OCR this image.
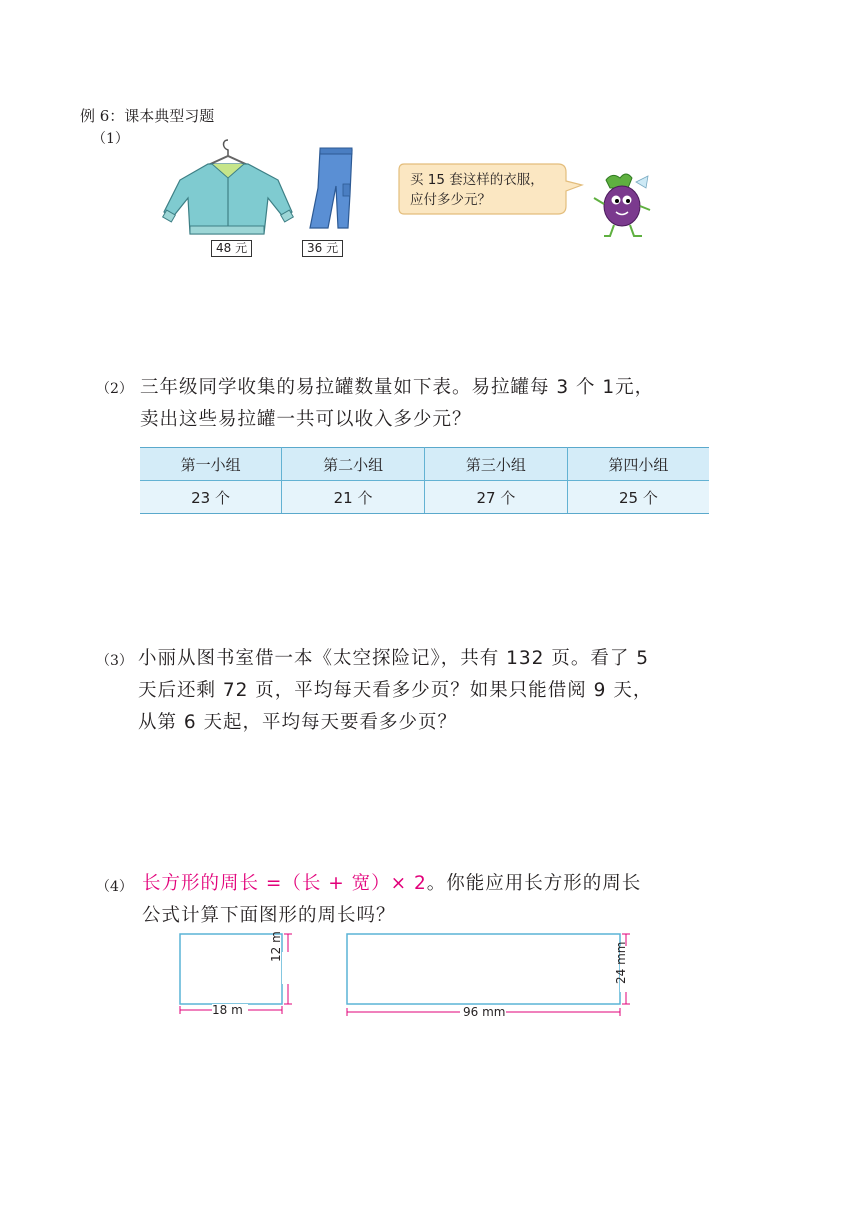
例 6：课本典型习题
（1）
48 元	36 元
买 15 套这样的衣服，
应付多少元？
（2） 三年级同学收集的易拉罐数量如下表。易拉罐每 3 个 1元，
卖出这些易拉罐一共可以收入多少元？
第一小组	第二小组	第三小组	第四小组
23 个	21 个	27 个	25 个
（3） 小丽从图书室借一本《太空探险记》，共有 132 页。看了 5
天后还剩 72 页，平均每天看多少页？如果只能借阅 9 天，
从第 6 天起，平均每天要看多少页？
（4） 长方形的周长 =（长 + 宽）× 2。你能应用长方形的周长
公式计算下面图形的周长吗？
18 m
12 m
96 mm
24 mm
